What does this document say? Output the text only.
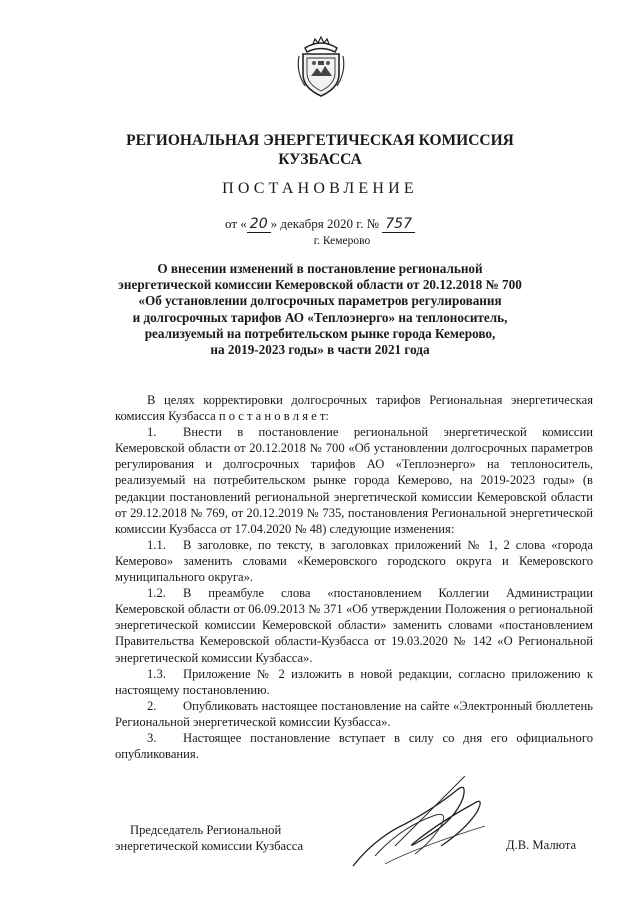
РЕГИОНАЛЬНАЯ ЭНЕРГЕТИЧЕСКАЯ КОМИССИЯ
КУЗБАССА
ПОСТАНОВЛЕНИЕ
от « 20 » декабря 2020 г. № 757
г. Кемерово
О внесении изменений в постановление региональной
энергетической комиссии Кемеровской области от 20.12.2018 № 700
«Об установлении долгосрочных параметров регулирования
и долгосрочных тарифов АО «Теплоэнерго» на теплоноситель,
реализуемый на потребительском рынке города Кемерово,
на 2019-2023 годы» в части 2021 года

В целях корректировки долгосрочных тарифов Региональная энергетическая комиссия Кузбасса п о с т а н о в л я е т:

1. Внести в постановление региональной энергетической комиссии Кемеровской области от 20.12.2018 № 700 «Об установлении долгосрочных параметров регулирования и долгосрочных тарифов АО «Теплоэнерго» на теплоноситель, реализуемый на потребительском рынке города Кемерово, на 2019-2023 годы» (в редакции постановлений региональной энергетической комиссии Кемеровской области от 29.12.2018 № 769, от 20.12.2019 № 735, постановления Региональной энергетической комиссии Кузбасса от 17.04.2020 № 48) следующие изменения:

1.1. В заголовке, по тексту, в заголовках приложений № 1, 2 слова «города Кемерово» заменить словами «Кемеровского городского округа и Кемеровского муниципального округа».

1.2. В преамбуле слова «постановлением Коллегии Администрации Кемеровской области от 06.09.2013 № 371 «Об утверждении Положения о региональной энергетической комиссии Кемеровской области» заменить словами «постановлением Правительства Кемеровской области-Кузбасса от 19.03.2020 № 142 «О Региональной энергетической комиссии Кузбасса».

1.3. Приложение № 2 изложить в новой редакции, согласно приложению к настоящему постановлению.

2. Опубликовать настоящее постановление на сайте «Электронный бюллетень Региональной энергетической комиссии Кузбасса».

3. Настоящее постановление вступает в силу со дня его официального опубликования.

Председатель Региональной
энергетической комиссии Кузбасса	Д.В. Малюта
